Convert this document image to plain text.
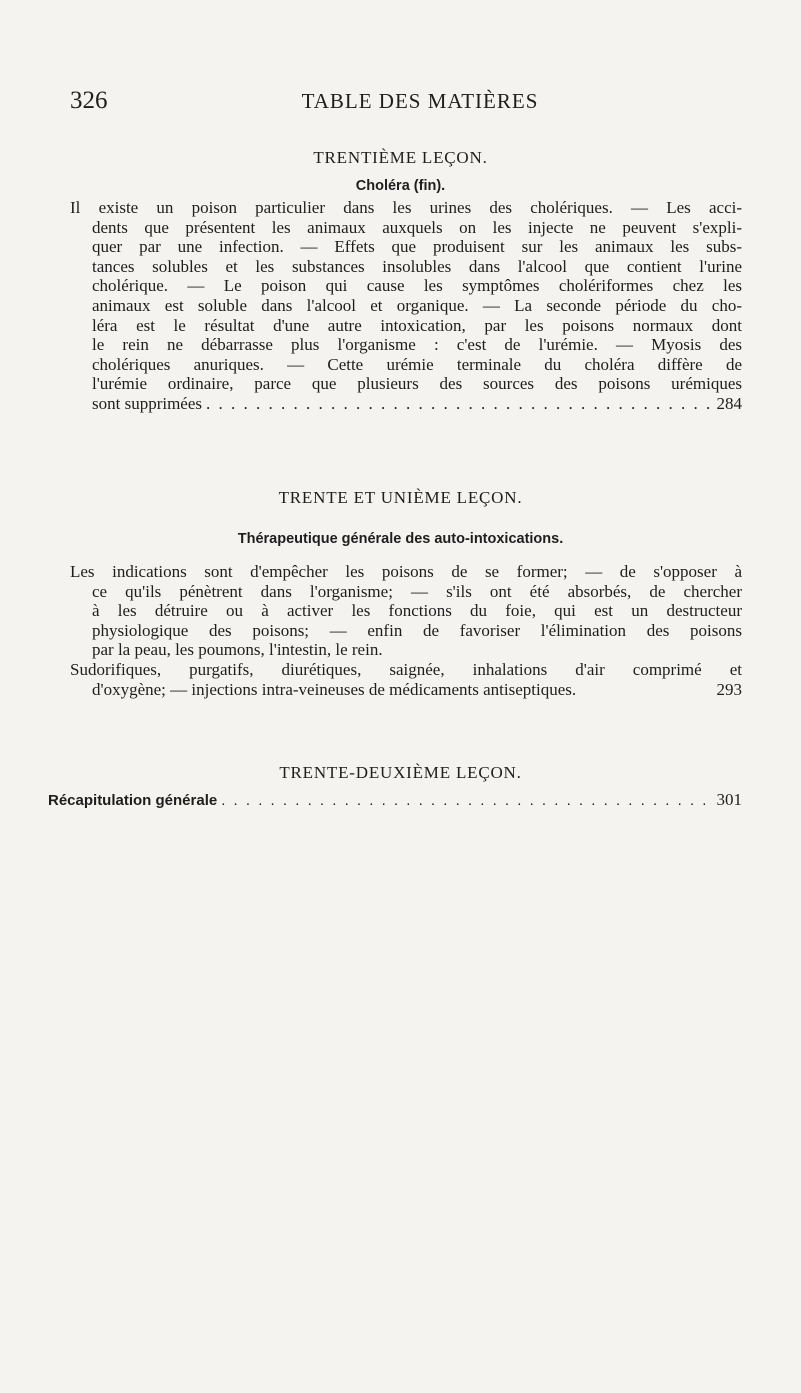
326	TABLE DES MATIÈRES
TRENTIÈME LEÇON.
Choléra (fin).
Il existe un poison particulier dans les urines des cholériques. — Les acci-
dents que présentent les animaux auxquels on les injecte ne peuvent s'expli-
quer par une infection. — Effets que produisent sur les animaux les subs-
tances solubles et les substances insolubles dans l'alcool que contient l'urine
cholérique. — Le poison qui cause les symptômes cholériformes chez les
animaux est soluble dans l'alcool et organique. — La seconde période du cho-
léra est le résultat d'une autre intoxication, par les poisons normaux dont
le rein ne débarrasse plus l'organisme : c'est de l'urémie. — Myosis des
cholériques anuriques. — Cette urémie terminale du choléra diffère de
l'urémie ordinaire, parce que plusieurs des sources des poisons urémiques
sont supprimées . . .	284
TRENTE ET UNIÈME LEÇON.
Thérapeutique générale des auto-intoxications.
Les indications sont d'empêcher les poisons de se former; — de s'opposer à
ce qu'ils pénètrent dans l'organisme; — s'ils ont été absorbés, de chercher
à les détruire ou à activer les fonctions du foie, qui est un destructeur
physiologique des poisons; — enfin de favoriser l'élimination des poisons
par la peau, les poumons, l'intestin, le rein.
Sudorifiques, purgatifs, diurétiques, saignée, inhalations d'air comprimé et
d'oxygène; — injections intra-veineuses de médicaments antiseptiques.	293
TRENTE-DEUXIÈME LEÇON.
Récapitulation générale . . .	301
